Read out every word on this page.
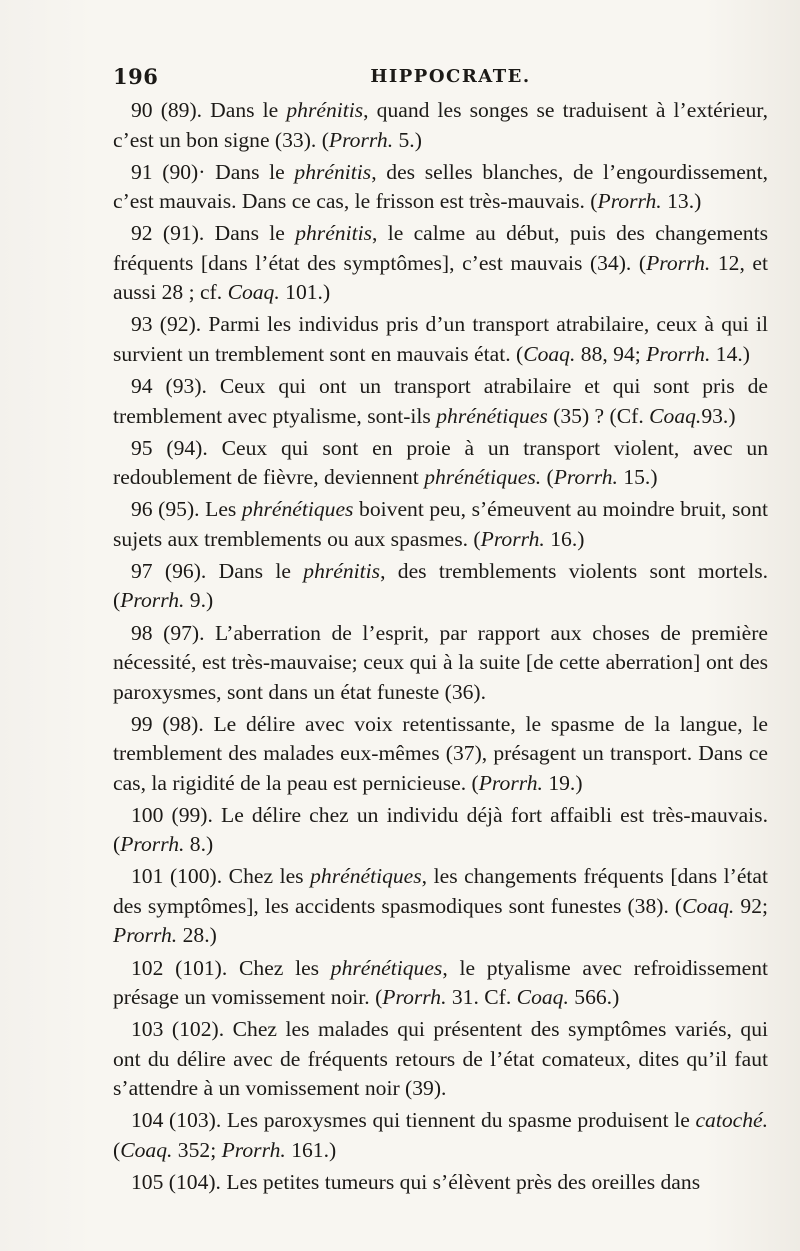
196	HIPPOCRATE.

90 (89). Dans le phrénitis, quand les songes se traduisent à l’extérieur, c’est un bon signe (33). (Prorrh. 5.)

91 (90)· Dans le phrénitis, des selles blanches, de l’engourdissement, c’est mauvais. Dans ce cas, le frisson est très-mauvais. (Prorrh. 13.)

92 (91). Dans le phrénitis, le calme au début, puis des changements fréquents [dans l’état des symptômes], c’est mauvais (34). (Prorrh. 12, et aussi 28 ; cf. Coaq. 101.)

93 (92). Parmi les individus pris d’un transport atrabilaire, ceux à qui il survient un tremblement sont en mauvais état. (Coaq. 88, 94; Prorrh. 14.)

94 (93). Ceux qui ont un transport atrabilaire et qui sont pris de tremblement avec ptyalisme, sont-ils phrénétiques (35) ? (Cf. Coaq.93.)

95 (94). Ceux qui sont en proie à un transport violent, avec un redoublement de fièvre, deviennent phrénétiques. (Prorrh. 15.)

96 (95). Les phrénétiques boivent peu, s’émeuvent au moindre bruit, sont sujets aux tremblements ou aux spasmes. (Prorrh. 16.)

97 (96). Dans le phrénitis, des tremblements violents sont mortels. (Prorrh. 9.)

98 (97). L’aberration de l’esprit, par rapport aux choses de première nécessité, est très-mauvaise; ceux qui à la suite [de cette aberration] ont des paroxysmes, sont dans un état funeste (36).

99 (98). Le délire avec voix retentissante, le spasme de la langue, le tremblement des malades eux-mêmes (37), présagent un transport. Dans ce cas, la rigidité de la peau est pernicieuse. (Prorrh. 19.)

100 (99). Le délire chez un individu déjà fort affaibli est très-mauvais. (Prorrh. 8.)

101 (100). Chez les phrénétiques, les changements fréquents [dans l’état des symptômes], les accidents spasmodiques sont funestes (38). (Coaq. 92; Prorrh. 28.)

102 (101). Chez les phrénétiques, le ptyalisme avec refroidissement présage un vomissement noir. (Prorrh. 31. Cf. Coaq. 566.)

103 (102). Chez les malades qui présentent des symptômes variés, qui ont du délire avec de fréquents retours de l’état comateux, dites qu’il faut s’attendre à un vomissement noir (39).

104 (103). Les paroxysmes qui tiennent du spasme produisent le catoché. (Coaq. 352; Prorrh. 161.)

105 (104). Les petites tumeurs qui s’élèvent près des oreilles dans
